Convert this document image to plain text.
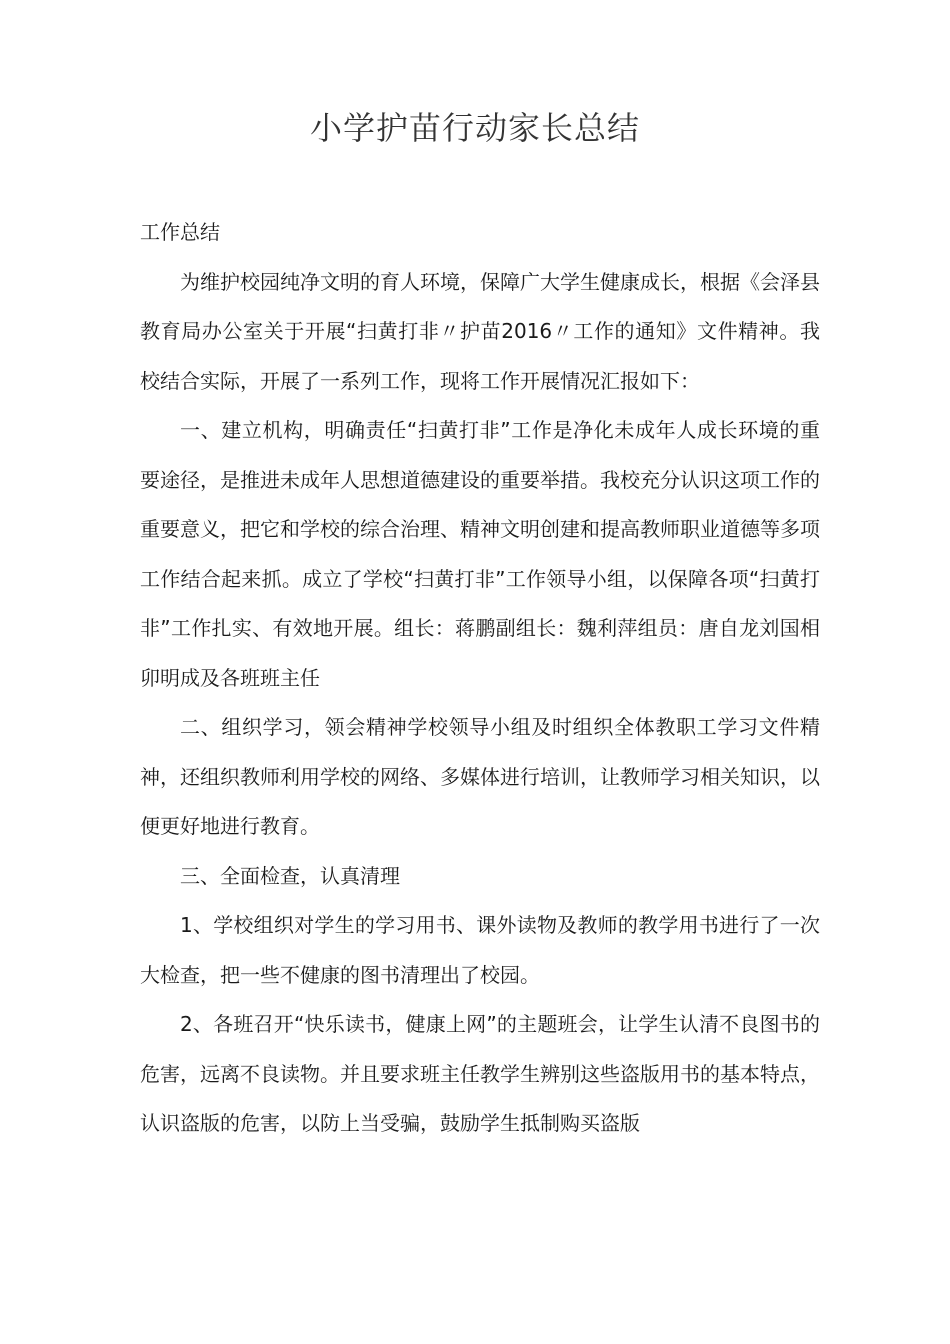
小学护苗行动家长总结

工作总结

为维护校园纯净文明的育人环境，保障广大学生健康成长，根据《会泽县教育局办公室关于开展“扫黄打非〃护苗2016〃工作的通知》文件精神。我校结合实际，开展了一系列工作，现将工作开展情况汇报如下：

一、建立机构，明确责任“扫黄打非”工作是净化未成年人成长环境的重要途径，是推进未成年人思想道德建设的重要举措。我校充分认识这项工作的重要意义，把它和学校的综合治理、精神文明创建和提高教师职业道德等多项工作结合起来抓。成立了学校“扫黄打非”工作领导小组，以保障各项“扫黄打非”工作扎实、有效地开展。组长：蒋鹏副组长：魏利萍组员：唐自龙刘国相卯明成及各班班主任

二、组织学习，领会精神学校领导小组及时组织全体教职工学习文件精神，还组织教师利用学校的网络、多媒体进行培训，让教师学习相关知识，以便更好地进行教育。

三、全面检查，认真清理

1、学校组织对学生的学习用书、课外读物及教师的教学用书进行了一次大检查，把一些不健康的图书清理出了校园。

2、各班召开“快乐读书，健康上网”的主题班会，让学生认清不良图书的危害，远离不良读物。并且要求班主任教学生辨别这些盗版用书的基本特点，认识盗版的危害，以防上当受骗，鼓励学生抵制购买盗版
